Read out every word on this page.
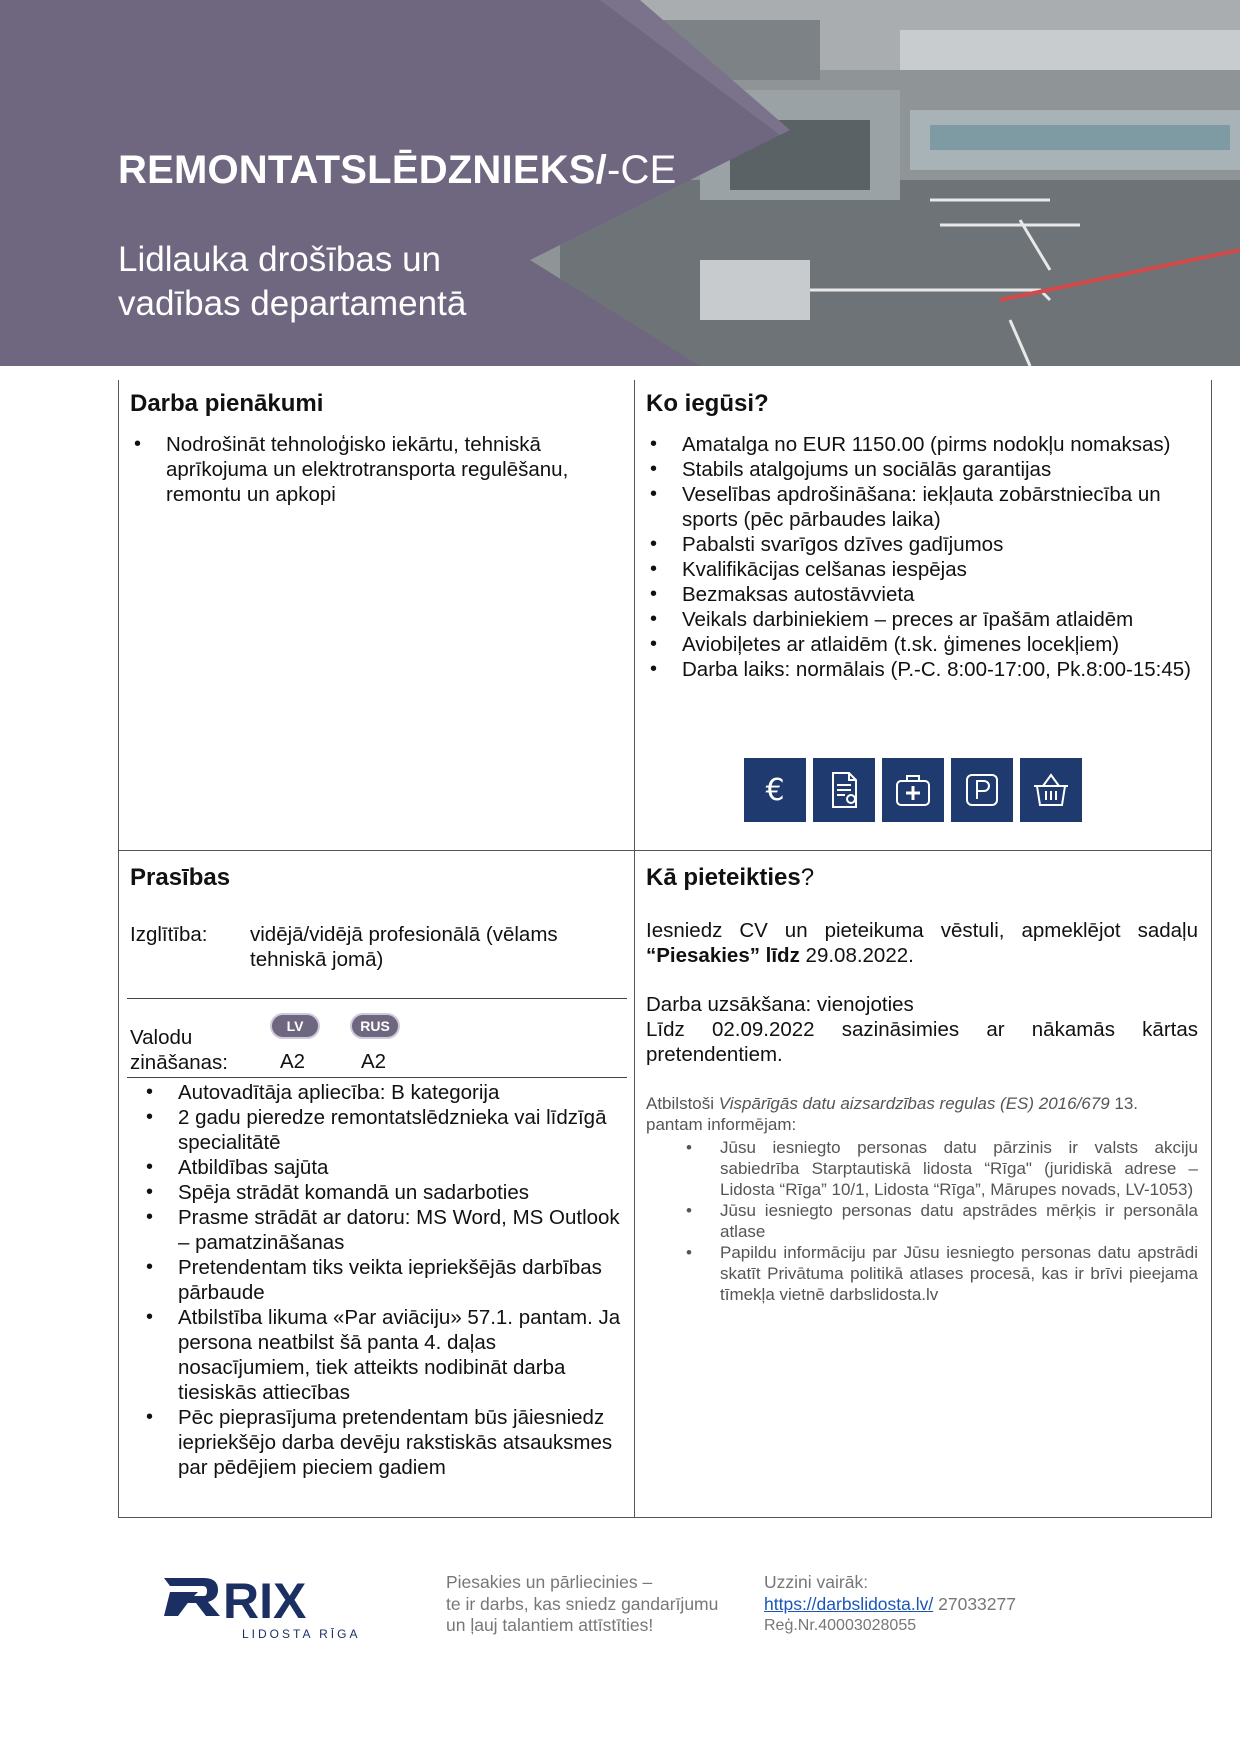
REMONTATSLĒDZNIEKS/-CE
Lidlauka drošības un
vadības departamentā
Darba pienākumi
• Nodrošināt tehnoloģisko iekārtu, tehniskā aprīkojuma un elektrotransporta regulēšanu, remontu un apkopi
Ko iegūsi?
• Amatalga no EUR 1150.00 (pirms nodokļu nomaksas)
• Stabils atalgojums un sociālās garantijas
• Veselības apdrošināšana: iekļauta zobārstniecība un sports (pēc pārbaudes laika)
• Pabalsti svarīgos dzīves gadījumos
• Kvalifikācijas celšanas iespējas
• Bezmaksas autostāvvieta
• Veikals darbiniekiem – preces ar īpašām atlaidēm
• Aviobiļetes ar atlaidēm (t.sk. ģimenes locekļiem)
• Darba laiks: normālais (P.-C. 8:00-17:00, Pk.8:00-15:45)
€
Prasības
Izglītība: vidējā/vidējā profesionālā (vēlams tehniskā jomā)
Valodu
zināšanas:
LV	RUS
A2	A2
• Autovadītāja apliecība: B kategorija
• 2 gadu pieredze remontatslēdznieka vai līdzīgā specialitātē
• Atbildības sajūta
• Spēja strādāt komandā un sadarboties
• Prasme strādāt ar datoru: MS Word, MS Outlook – pamatzināšanas
• Pretendentam tiks veikta iepriekšējās darbības pārbaude
• Atbilstība likuma «Par aviāciju» 57.1. pantam. Ja persona neatbilst šā panta 4. daļas nosacījumiem, tiek atteikts nodibināt darba tiesiskās attiecības
• Pēc pieprasījuma pretendentam būs jāiesniedz iepriekšējo darba devēju rakstiskās atsauksmes par pēdējiem pieciem gadiem
Kā pieteikties?

Iesniedz CV un pieteikuma vēstuli, apmeklējot sadaļu “Piesakies” līdz 29.08.2022.

Darba uzsākšana: vienojoties

Līdz 02.09.2022 sazināsimies ar nākamās kārtas pretendentiem.

Atbilstoši Vispārīgās datu aizsardzības regulas (ES) 2016/679 13. pantam informējam:
• Jūsu iesniegto personas datu pārzinis ir valsts akciju sabiedrība Starptautiskā lidosta “Rīga" (juridiskā adrese – Lidosta “Rīga” 10/1, Lidosta “Rīga”, Mārupes novads, LV-1053)
• Jūsu iesniegto personas datu apstrādes mērķis ir personāla atlase
• Papildu informāciju par Jūsu iesniegto personas datu apstrādi skatīt Privātuma politikā atlases procesā, kas ir brīvi pieejama tīmekļa vietnē darbslidosta.lv
RIX
LIDOSTA RĪGA
Piesakies un pārliecinies –
te ir darbs, kas sniedz gandarījumu
un ļauj talantiem attīstīties!
Uzzini vairāk:
https://darbslidosta.lv/ 27033277
Reģ.Nr.40003028055
